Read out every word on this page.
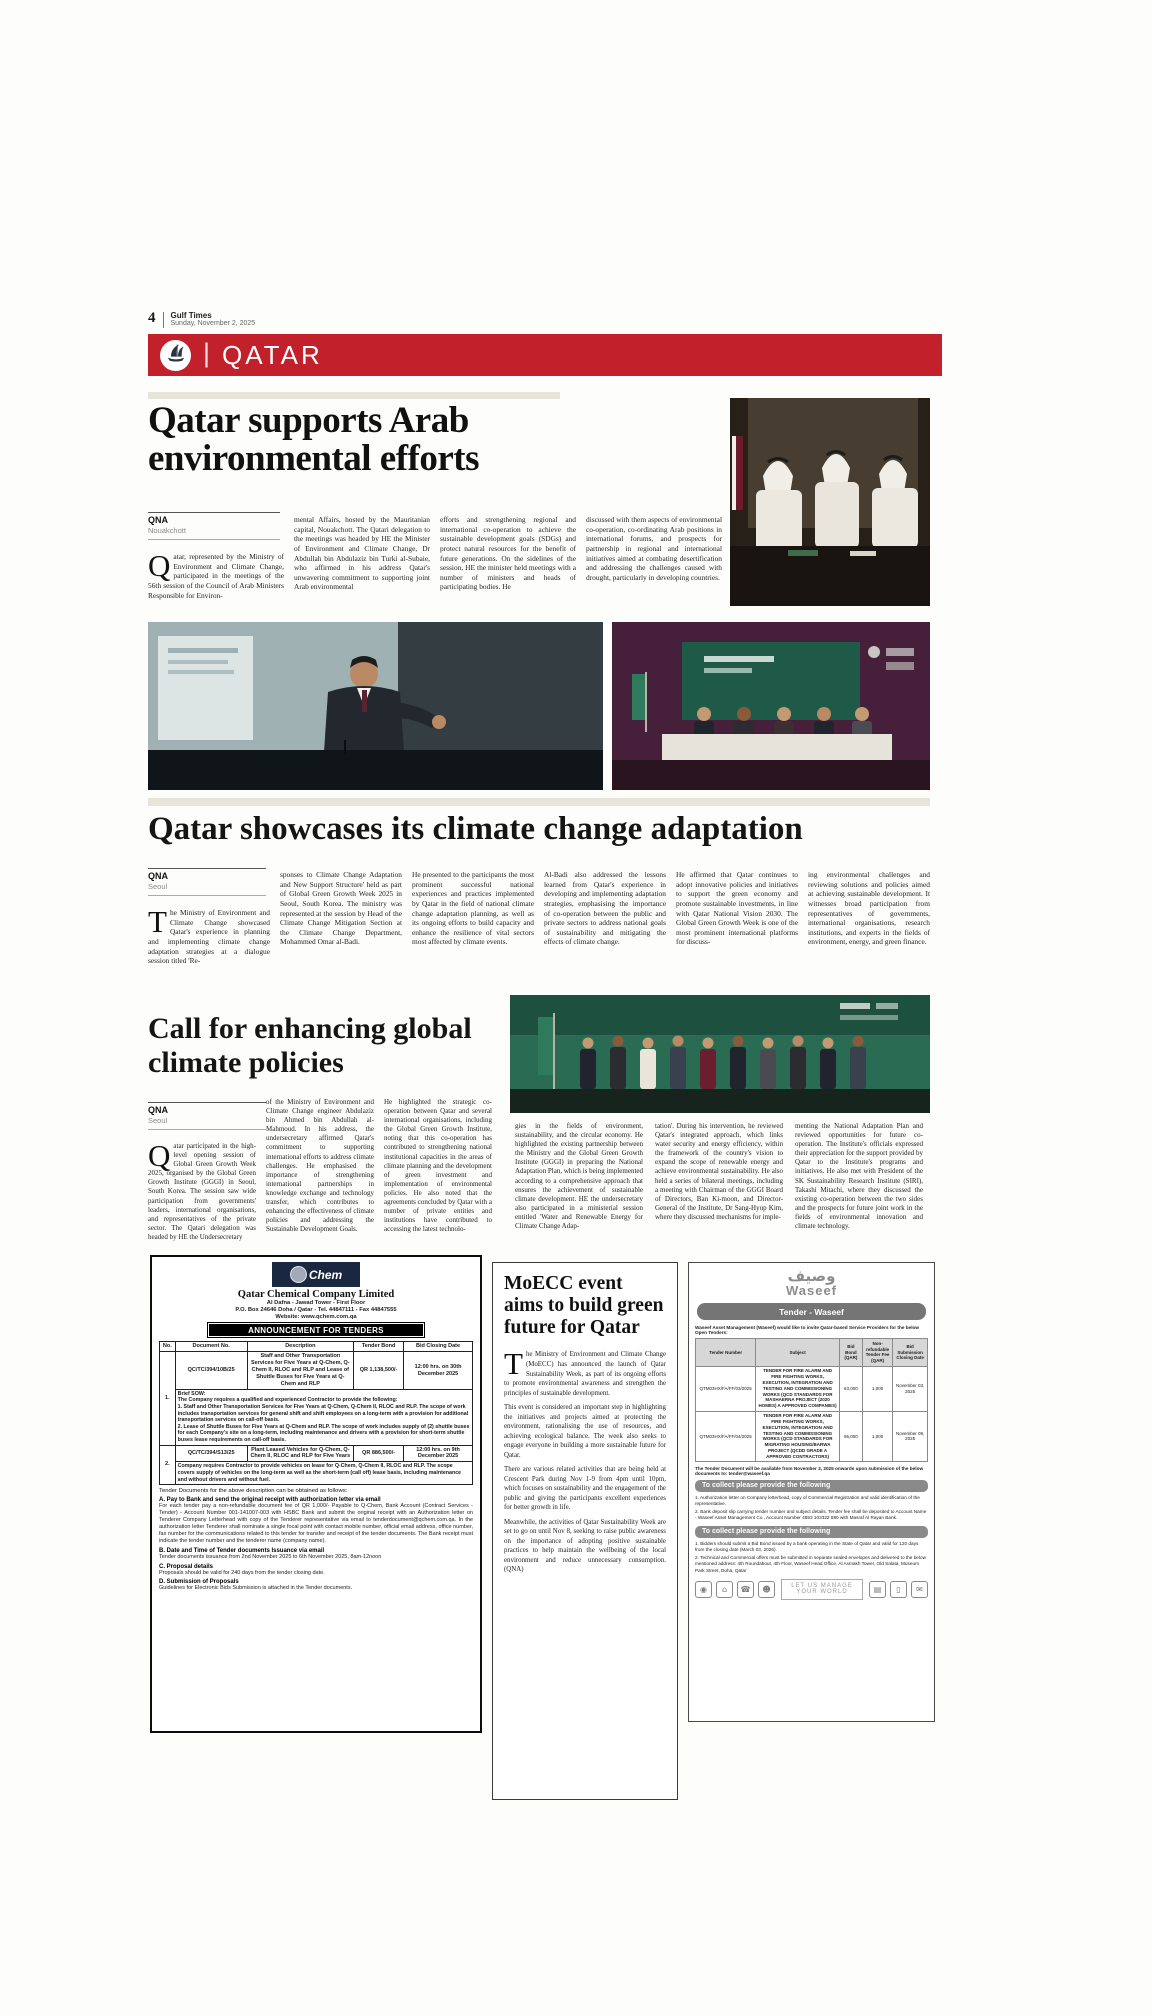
4 Gulf Times
Sunday, November 2, 2025
| QATAR
Qatar supports Arab environmental efforts
QNA
Nouakchott
Qatar, represented by the Ministry of Environment and Climate Change, participated in the meetings of the 56th session of the Council of Arab Ministers Responsible for Environ-
mental Affairs, hosted by the Mauritanian capital, Nouakchott. The Qatari delegation to the meetings was headed by HE the Minister of Environment and Climate Change, Dr Abdullah bin Abdulaziz bin Turki al-Subaie, who affirmed in his address Qatar's unwavering commitment to supporting joint Arab environmental
efforts and strengthening regional and international co-operation to achieve the sustainable development goals (SDGs) and protect natural resources for the benefit of future generations. On the sidelines of the session, HE the minister held meetings with a number of ministers and heads of participating bodies. He
discussed with them aspects of environmental co-operation, co-ordinating Arab positions in international forums, and prospects for partnership in regional and international initiatives aimed at combating desertification and addressing the challenges caused with drought, particularly in developing countries.
Qatar showcases its climate change adaptation
QNA
Seoul
The Ministry of Environment and Climate Change showcased Qatar's experience in planning and implementing climate change adaptation strategies at a dialogue session titled 'Re-
sponses to Climate Change Adaptation and New Support Structure' held as part of Global Green Growth Week 2025 in Seoul, South Korea. The ministry was represented at the session by Head of the Climate Change Mitigation Section at the Climate Change Department, Mohammed Omar al-Badi.
He presented to the participants the most prominent successful national experiences and practices implemented by Qatar in the field of national climate change adaptation planning, as well as its ongoing efforts to build capacity and enhance the resilience of vital sectors most affected by climate events.
Al-Badi also addressed the lessons learned from Qatar's experience in developing and implementing adaptation strategies, emphasising the importance of co-operation between the public and private sectors to address national goals of sustainability and mitigating the effects of climate change.
He affirmed that Qatar continues to adopt innovative policies and initiatives to support the green economy and promote sustainable investments, in line with Qatar National Vision 2030. The Global Green Growth Week is one of the most prominent international platforms for discuss-
ing environmental challenges and reviewing solutions and policies aimed at achieving sustainable development. It witnesses broad participation from representatives of governments, international organisations, research institutions, and experts in the fields of environment, energy, and green finance.
Call for enhancing global climate policies
QNA
Seoul
Qatar participated in the high-level opening session of Global Green Growth Week 2025, organised by the Global Green Growth Institute (GGGI) in Seoul, South Korea. The session saw wide participation from governments' leaders, international organisations, and representatives of the private sector. The Qatari delegation was headed by HE the Undersecretary
of the Ministry of Environment and Climate Change engineer Abdulaziz bin Ahmed bin Abdullah al-Mahmoud. In his address, the undersecretary affirmed Qatar's commitment to supporting international efforts to address climate challenges. He emphasised the importance of strengthening international partnerships in knowledge exchange and technology transfer, which contributes to enhancing the effectiveness of climate policies and addressing the Sustainable Development Goals.
He highlighted the strategic co-operation between Qatar and several international organisations, including the Global Green Growth Institute, noting that this co-operation has contributed to strengthening national institutional capacities in the areas of climate planning and the development of green investment and implementation of environmental policies. He also noted that the agreements concluded by Qatar with a number of private entities and institutions have contributed to accessing the latest technolo-
gies in the fields of environment, sustainability, and the circular economy. He highlighted the existing partnership between the Ministry and the Global Green Growth Institute (GGGI) in preparing the National Adaptation Plan, which is being implemented according to a comprehensive approach that ensures the achievement of sustainable climate development. HE the undersecretary also participated in a ministerial session entitled 'Water and Renewable Energy for Climate Change Adap-
tation'. During his intervention, he reviewed Qatar's integrated approach, which links water security and energy efficiency, within the framework of the country's vision to expand the scope of renewable energy and achieve environmental sustainability. He also held a series of bilateral meetings, including a meeting with Chairman of the GGGI Board of Directors, Ban Ki-moon, and Director-General of the Institute, Dr Sang-Hyup Kim, where they discussed mechanisms for imple-
menting the National Adaptation Plan and reviewed opportunities for future co-operation. The Institute's officials expressed their appreciation for the support provided by Qatar to the Institute's programs and initiatives. He also met with President of the SK Sustainability Research Institute (SIRI), Takashi Mitachi, where they discussed the existing co-operation between the two sides and the prospects for future joint work in the fields of environmental innovation and climate technology.
Chem
Qatar Chemical Company Limited
Al Dafna - Jawad Tower - First Floor
P.O. Box 24646 Doha / Qatar - Tel. 44847111 - Fax 44847555
Website: www.qchem.com.qa
ANNOUNCEMENT FOR TENDERS
No.	Document No.	Description	Tender Bond	Bid Closing Date
1.	QC/TC/394/10B/25	Staff and Other Transportation Services for Five Years at Q-Chem, Q-Chem II, RLOC and RLP and Lease of Shuttle Buses for Five Years at Q-Chem and RLP	QR 1,138,500/-	12:00 hrs. on 30th December 2025

	Brief SOW:
The Company requires a qualified and experienced Contractor to provide the following:
1. Staff and Other Transportation Services for Five Years at Q-Chem, Q-Chem II, RLOC and RLP. The scope of work includes transportation services for general shift and shift employees on a long-term with a provision for additional transportation services on call-off basis.
2. Lease of Shuttle Buses for Five Years at Q-Chem and RLP. The scope of work includes supply of (2) shuttle buses for each Company's site on a long-term, including maintenance and drivers with a provision for short-term shuttle buses lease requirements on call-off basis.			

2.	QC/TC/394/S13/25	Plant Leased Vehicles for Q-Chem, Q-Chem II, RLOC and RLP for Five Years	QR 886,500/-	12:00 hrs. on 9th December 2025
	Company requires Contractor to provide vehicles on lease for Q-Chem, Q-Chem II, RLOC and RLP. The scope covers supply of vehicles on the long-term as well as the short-term (call off) lease basis, including maintenance and without drivers and without fuel.			
Tender Documents for the above description can be obtained as follows:
A. Pay to Bank and send the original receipt with authorization letter via email
For each tender pay a non-refundable document fee of QR 1,000/- Payable to Q-Chem, Bank Account (Contract Services - Tender) - Account Number 001-141007-003 with HSBC Bank and submit the original receipt with an Authorization letter on Tenderer Company Letterhead with copy of the Tenderer representative via email to tenderdocument@qchem.com.qa. In the authorization letter Tenderer shall nominate a single focal point with contact mobile number, official email address, office number, fax number for the communications related to this tender for transfer and receipt of the tender documents. The Bank receipt must indicate the tender number and the tenderer name (company name).
B. Date and Time of Tender documents Issuance via email
Tender documents issuance from 2nd November 2025 to 6th November 2025, 8am-12noon
C. Proposal details
Proposals should be valid for 240 days from the tender closing date.
D. Submission of Proposals
Guidelines for Electronic Bids Submission is attached in the Tender documents.
MoECC event aims to build green future for Qatar

The Ministry of Environment and Climate Change (MoECC) has announced the launch of Qatar Sustainability Week, as part of its ongoing efforts to promote environmental awareness and strengthen the principles of sustainable development.

This event is considered an important step in highlighting the initiatives and projects aimed at protecting the environment, rationalising the use of resources, and achieving ecological balance. The week also seeks to engage everyone in building a more sustainable future for Qatar.

There are various related activities that are being held at Crescent Park during Nov 1-9 from 4pm until 10pm, which focuses on sustainability and the engagement of the public and giving the participants excellent experiences for better growth in life.

Meanwhile, the activities of Qatar Sustainability Week are set to go on until Nov 8, seeking to raise public awareness on the importance of adopting positive sustainable practices to help maintain the wellbeing of the local environment and reduce unnecessary consumption. (QNA)

وصيف
Waseef
Tender - Waseef
Waseef Asset Management (Waseef) would like to invite Qatar-based Service Providers for the below Open Tenders:
Tender Number	Subject	Bid Bond (QAR)	Non-refundable Tender Fee (QAR)	Bid Submission Closing Date
QTM03HX/FA/FF/03/2025	TENDER FOR FIRE ALARM AND FIRE FIGHTING WORKS, EXECUTION, INTEGRATION AND TESTING AND COMMISSIONING WORKS (QCD STANDARDS FOR MASHAERNA PROJECT (2020 HOMES) A APPROVED COMPANIES)	63,000	1,000	November 03, 2025
QTM03HX/FA/FF/04/2025	TENDER FOR FIRE ALARM AND FIRE FIGHTING WORKS, EXECUTION, INTEGRATION AND TESTING AND COMMISSIONING WORKS (QCD STANDARDS FOR MIGRATING HOUSING/BARWA PROJECT (QCDD GRADE A APPROVED CONTRACTORS)	95,000	1,000	November 09, 2025
The Tender Document will be available from November 3, 2025 onwards upon submission of the below documents to: tender@waseef.qa
To collect please provide the following
1. Authorization letter on Company letterhead, copy of Commercial Registration and valid identification of the representative.
2. Bank deposit slip carrying tender number and subject details. Tender fee shall be deposited to Account Name - Waseef Asset Management Co., Account Number 4853 103322 880 with Masraf Al Rayan Bank.
To collect please provide the following
1. Bidders should submit a Bid Bond issued by a bank operating in the State of Qatar and valid for 120 days from the closing date (March 03, 2026).
2. Technical and Commercial offers must be submitted in separate sealed envelopes and delivered to the below mentioned address: 4th Roundabout, 4th Floor, Waseef Head Office, Al Asmakh Tower, Old Salata, Museum Park Street, Doha, Qatar
◉	⌂	☎	☻	LET US MANAGE YOUR WORLD	▤	▯	✉
